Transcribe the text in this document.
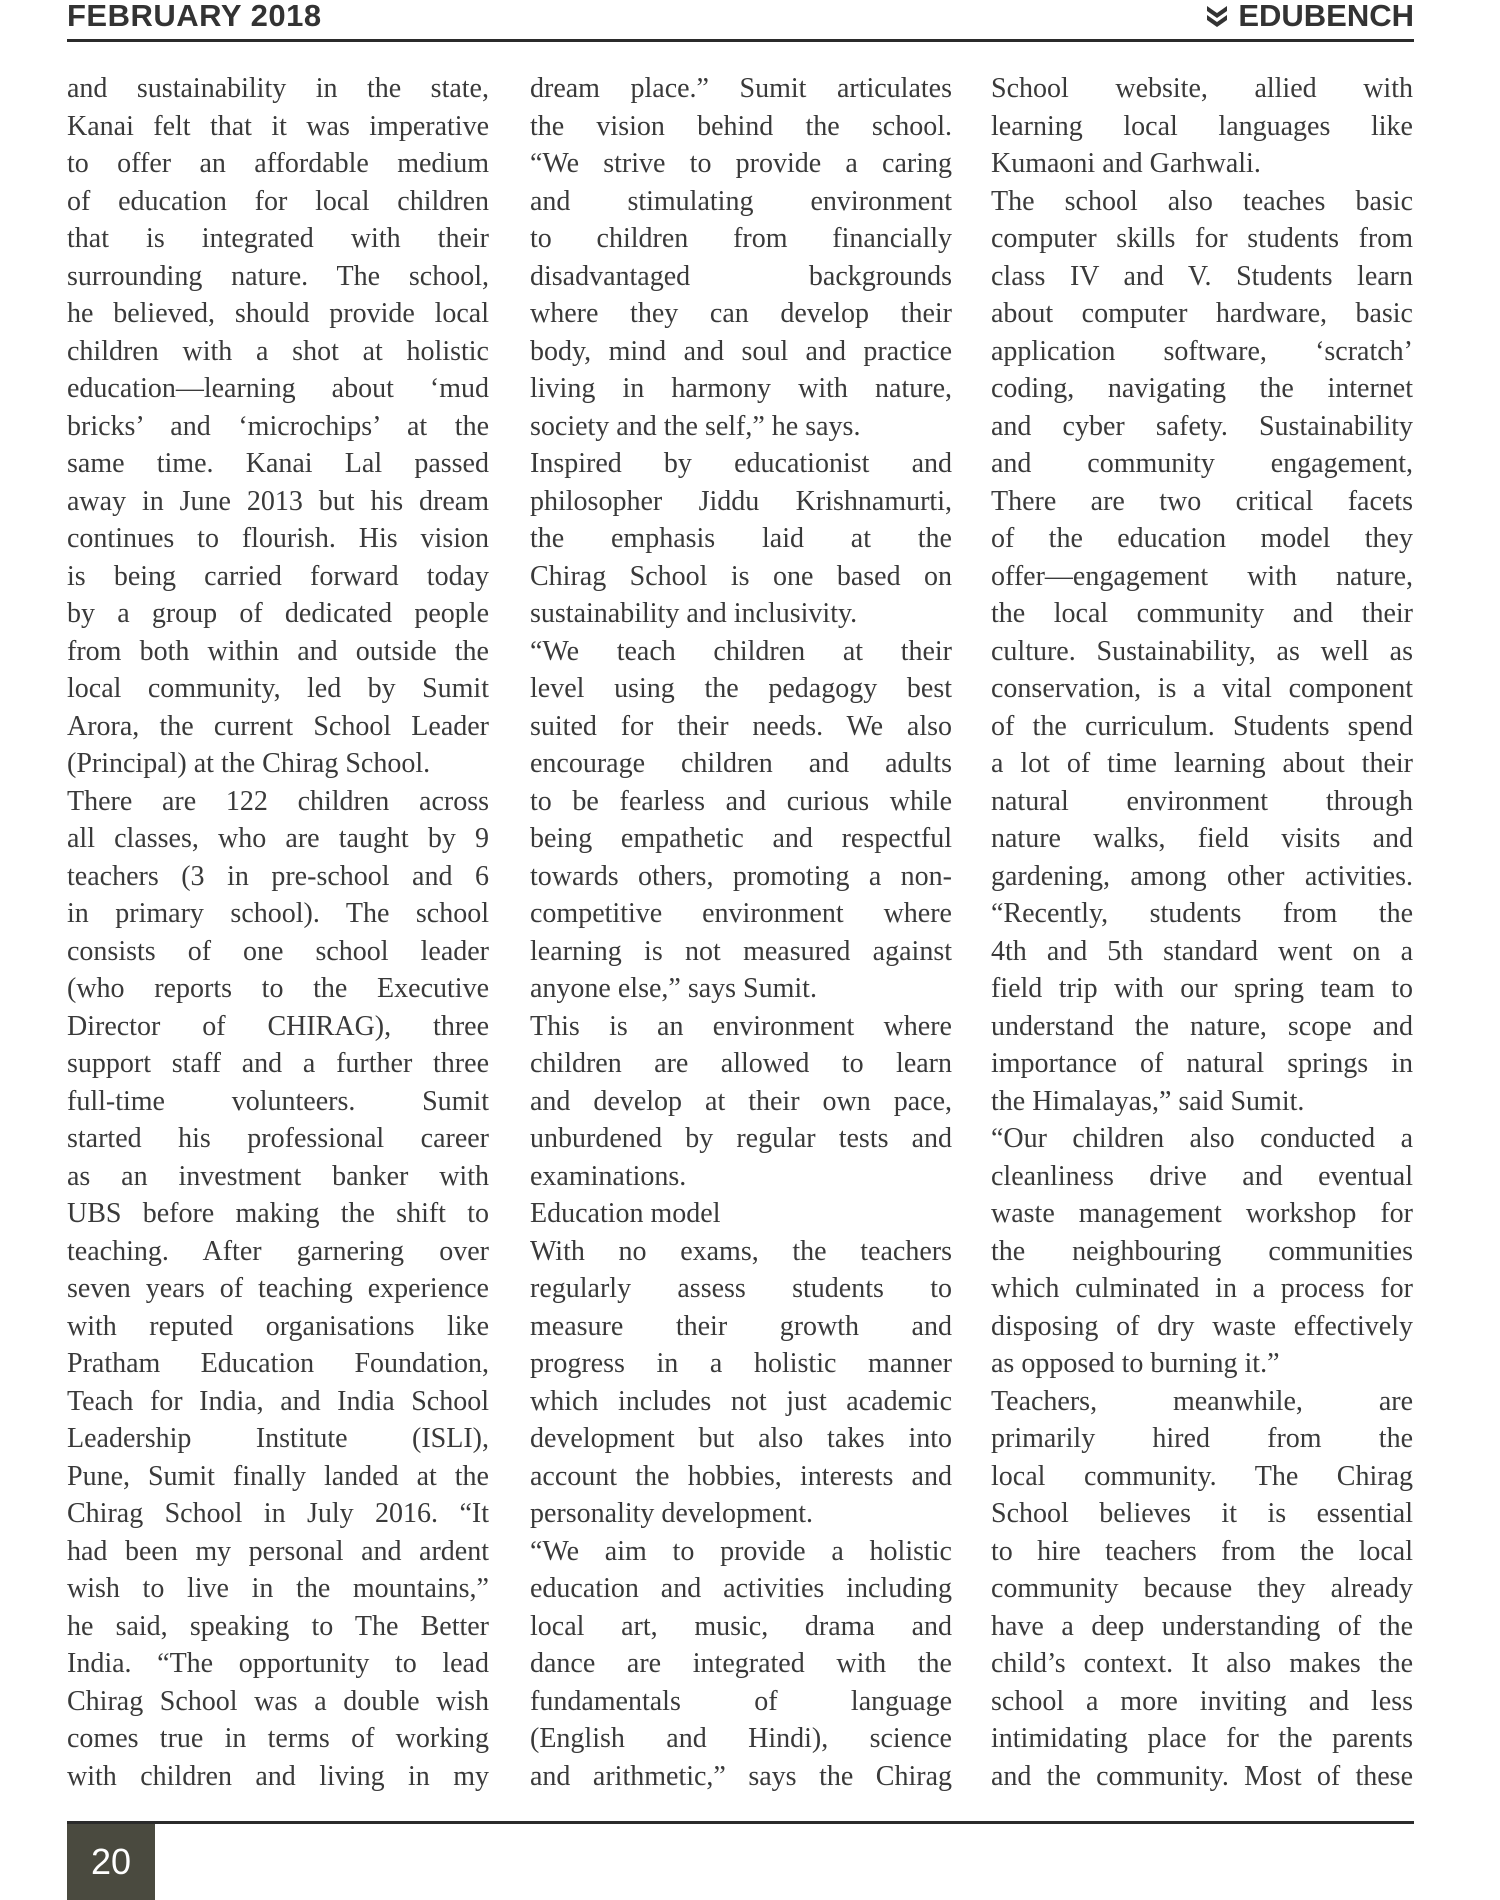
FEBRUARY 2018	EDUBENCH
and sustainability in the state,
Kanai felt that it was imperative
to offer an affordable medium
of education for local children
that is integrated with their
surrounding nature. The school,
he believed, should provide local
children with a shot at holistic
education—learning about ‘mud
bricks’ and ‘microchips’ at the
same time. Kanai Lal passed
away in June 2013 but his dream
continues to flourish. His vision
is being carried forward today
by a group of dedicated people
from both within and outside the
local community, led by Sumit
Arora, the current School Leader
(Principal) at the Chirag School.
There are 122 children across
all classes, who are taught by 9
teachers (3 in pre-school and 6
in primary school). The school
consists of one school leader
(who reports to the Executive
Director of CHIRAG), three
support staff and a further three
full-time volunteers. Sumit
started his professional career
as an investment banker with
UBS before making the shift to
teaching. After garnering over
seven years of teaching experience
with reputed organisations like
Pratham Education Foundation,
Teach for India, and India School
Leadership Institute (ISLI),
Pune, Sumit finally landed at the
Chirag School in July 2016. “It
had been my personal and ardent
wish to live in the mountains,”
he said, speaking to The Better
India. “The opportunity to lead
Chirag School was a double wish
comes true in terms of working
with children and living in my
dream place.” Sumit articulates
the vision behind the school.
“We strive to provide a caring
and stimulating environment
to children from financially
disadvantaged backgrounds
where they can develop their
body, mind and soul and practice
living in harmony with nature,
society and the self,” he says.
Inspired by educationist and
philosopher Jiddu Krishnamurti,
the emphasis laid at the
Chirag School is one based on
sustainability and inclusivity.
“We teach children at their
level using the pedagogy best
suited for their needs. We also
encourage children and adults
to be fearless and curious while
being empathetic and respectful
towards others, promoting a non-
competitive environment where
learning is not measured against
anyone else,” says Sumit.
This is an environment where
children are allowed to learn
and develop at their own pace,
unburdened by regular tests and
examinations.
Education model
With no exams, the teachers
regularly assess students to
measure their growth and
progress in a holistic manner
which includes not just academic
development but also takes into
account the hobbies, interests and
personality development.
“We aim to provide a holistic
education and activities including
local art, music, drama and
dance are integrated with the
fundamentals of language
(English and Hindi), science
and arithmetic,” says the Chirag
School website, allied with
learning local languages like
Kumaoni and Garhwali.
The school also teaches basic
computer skills for students from
class IV and V. Students learn
about computer hardware, basic
application software, ‘scratch’
coding, navigating the internet
and cyber safety. Sustainability
and community engagement,
There are two critical facets
of the education model they
offer—engagement with nature,
the local community and their
culture. Sustainability, as well as
conservation, is a vital component
of the curriculum. Students spend
a lot of time learning about their
natural environment through
nature walks, field visits and
gardening, among other activities.
“Recently, students from the
4th and 5th standard went on a
field trip with our spring team to
understand the nature, scope and
importance of natural springs in
the Himalayas,” said Sumit.
“Our children also conducted a
cleanliness drive and eventual
waste management workshop for
the neighbouring communities
which culminated in a process for
disposing of dry waste effectively
as opposed to burning it.”
Teachers, meanwhile, are
primarily hired from the
local community. The Chirag
School believes it is essential
to hire teachers from the local
community because they already
have a deep understanding of the
child’s context. It also makes the
school a more inviting and less
intimidating place for the parents
and the community. Most of these
20
